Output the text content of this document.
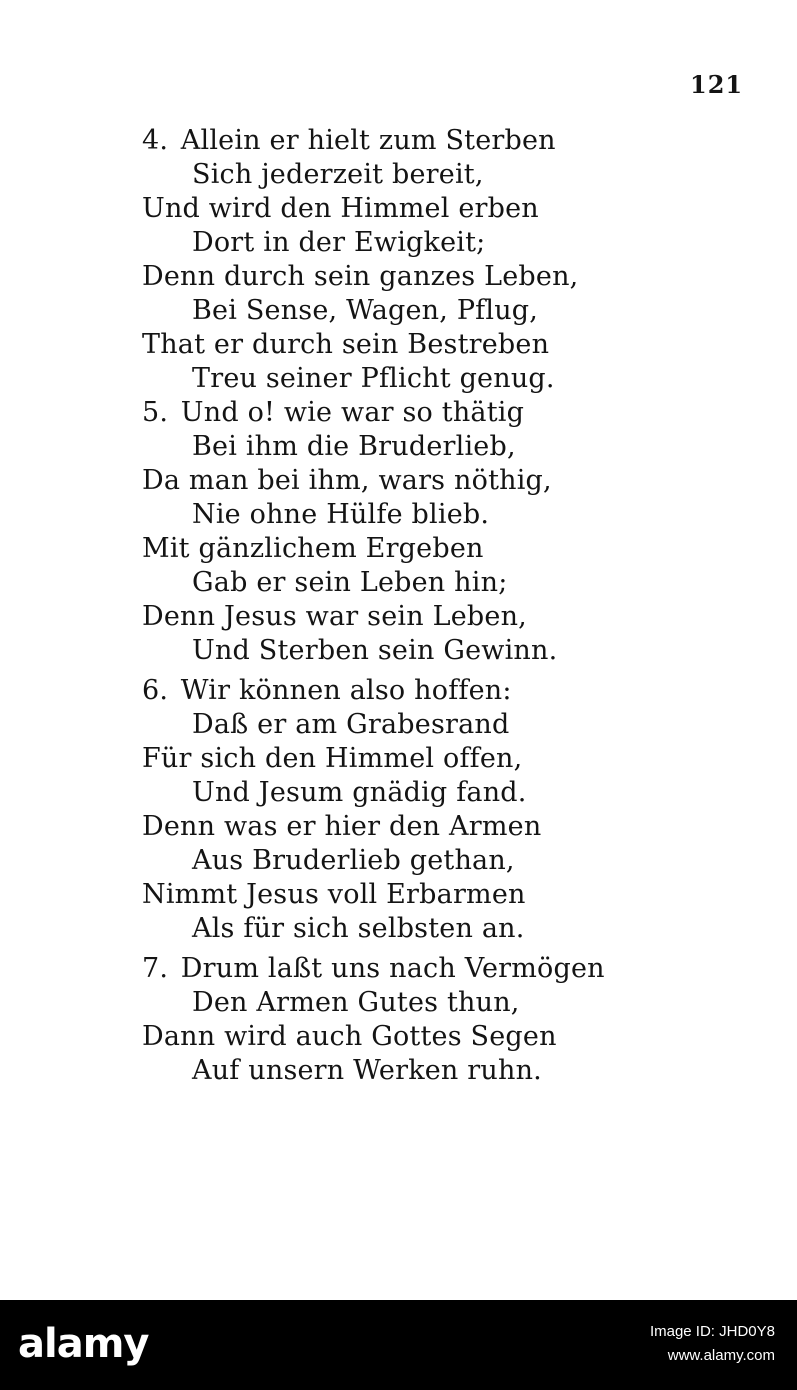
121
4. Allein er hielt zum Sterben
Sich jederzeit bereit,
Und wird den Himmel erben
Dort in der Ewigkeit;
Denn durch sein ganzes Leben,
Bei Sense, Wagen, Pflug,
That er durch sein Bestreben
Treu seiner Pflicht genug.
5. Und o! wie war so thätig
Bei ihm die Bruderlieb,
Da man bei ihm, wars nöthig,
Nie ohne Hülfe blieb.
Mit gänzlichem Ergeben
Gab er sein Leben hin;
Denn Jesus war sein Leben,
Und Sterben sein Gewinn.
6. Wir können also hoffen:
Daß er am Grabesrand
Für sich den Himmel offen,
Und Jesum gnädig fand.
Denn was er hier den Armen
Aus Bruderlieb gethan,
Nimmt Jesus voll Erbarmen
Als für sich selbsten an.
7. Drum laßt uns nach Vermögen
Den Armen Gutes thun,
Dann wird auch Gottes Segen
Auf unsern Werken ruhn.
alamy	Image ID: JHD0Y8
www.alamy.com
